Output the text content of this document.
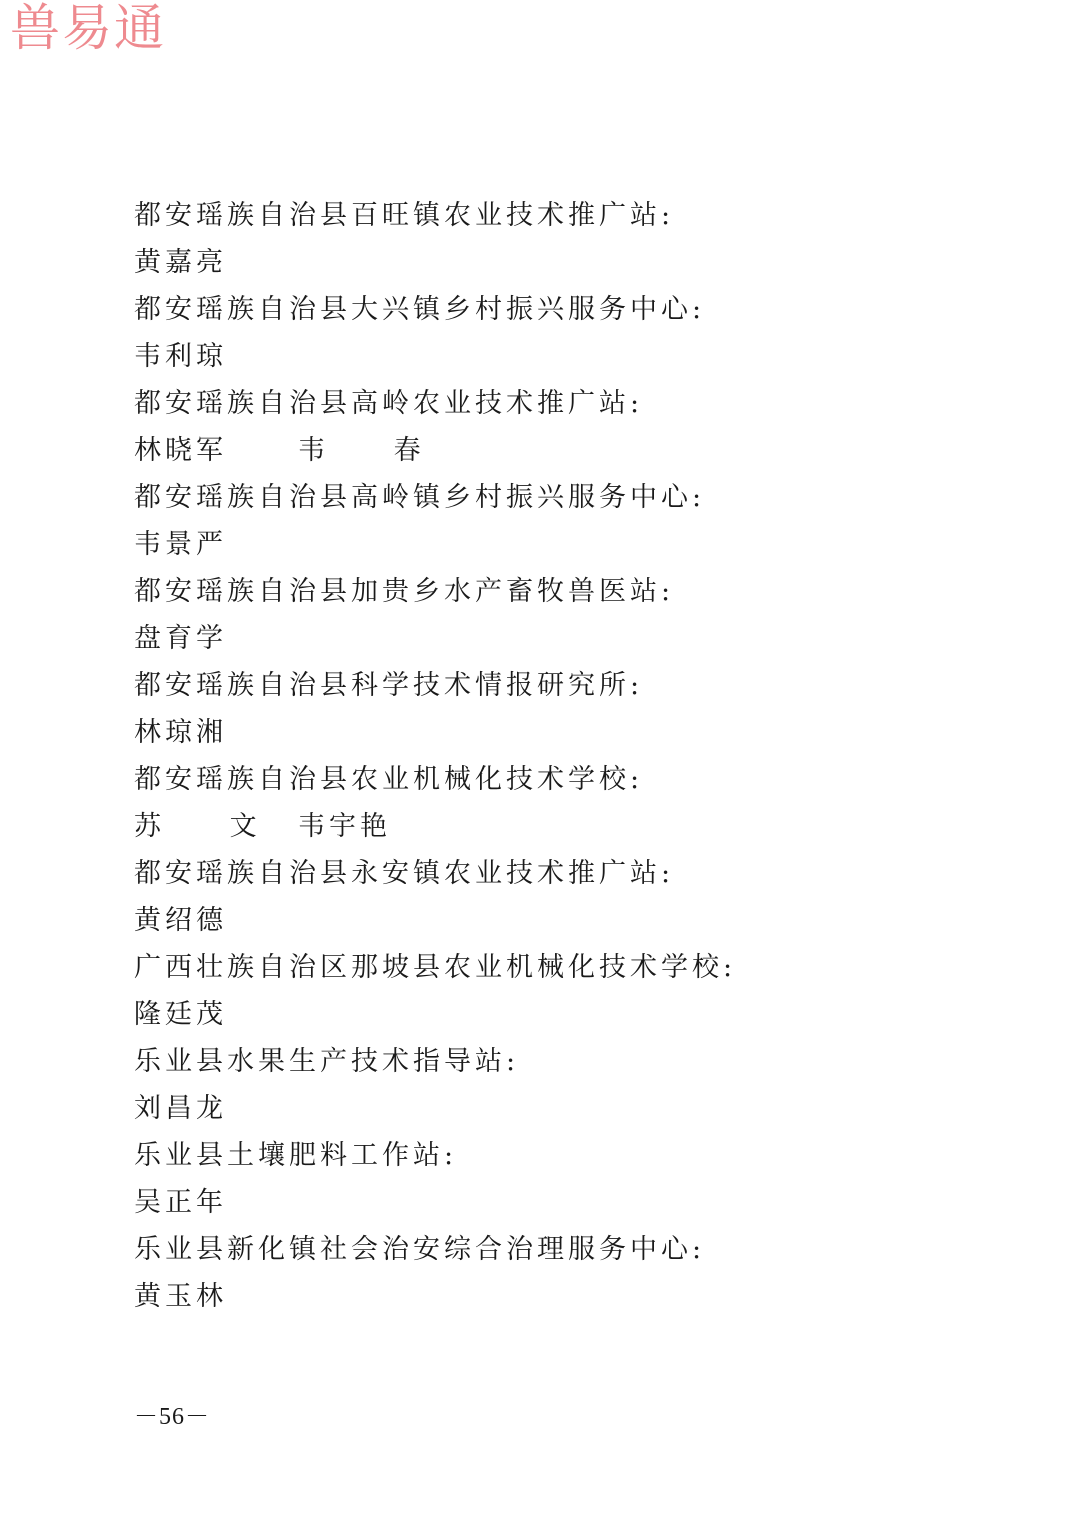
兽易通
都安瑶族自治县百旺镇农业技术推广站:
黄嘉亮
都安瑶族自治县大兴镇乡村振兴服务中心:
韦利琼
都安瑶族自治县高岭农业技术推广站:
林晓军	韦 春
都安瑶族自治县高岭镇乡村振兴服务中心:
韦景严
都安瑶族自治县加贵乡水产畜牧兽医站:
盘育学
都安瑶族自治县科学技术情报研究所:
林琼湘
都安瑶族自治县农业机械化技术学校:
苏 文 韦宇艳
都安瑶族自治县永安镇农业技术推广站:
黄绍德
广西壮族自治区那坡县农业机械化技术学校:
隆廷茂
乐业县水果生产技术指导站:
刘昌龙
乐业县土壤肥料工作站:
吴正年
乐业县新化镇社会治安综合治理服务中心:
黄玉林
－56－
